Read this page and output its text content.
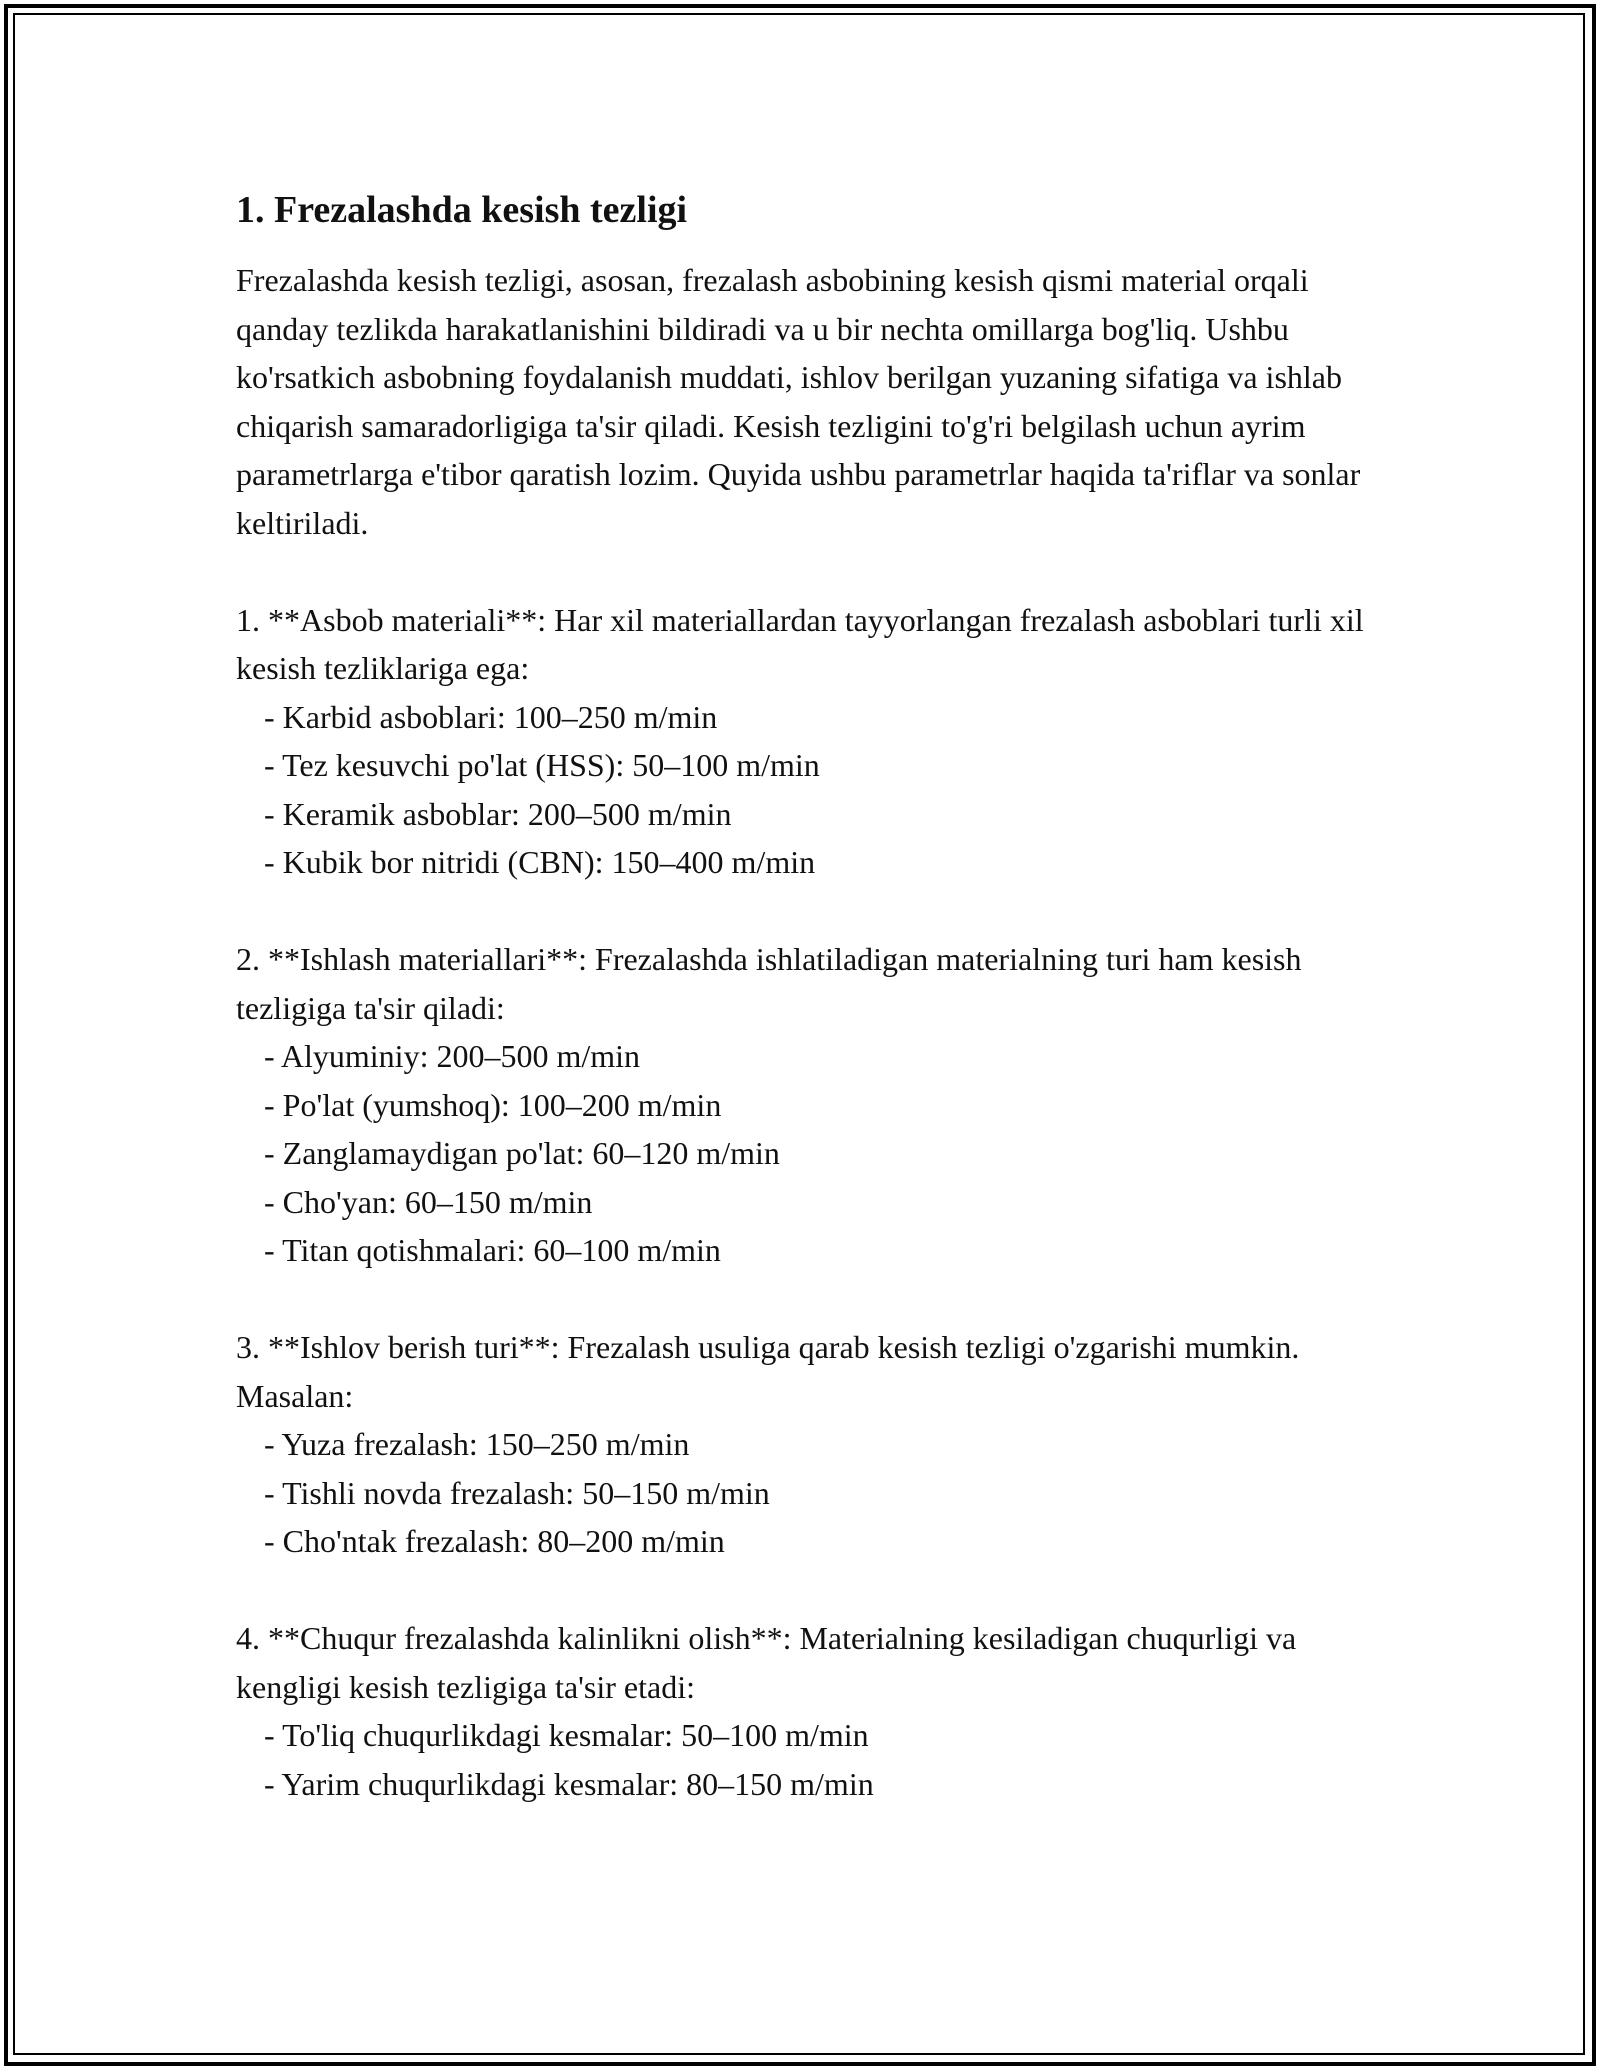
1. Frezalashda kesish tezligi

Frezalashda kesish tezligi, asosan, frezalash asbobining kesish qismi material orqali qanday tezlikda harakatlanishini bildiradi va u bir nechta omillarga bog'liq. Ushbu ko'rsatkich asbobning foydalanish muddati, ishlov berilgan yuzaning sifatiga va ishlab chiqarish samaradorligiga ta'sir qiladi. Kesish tezligini to'g'ri belgilash uchun ayrim parametrlarga e'tibor qaratish lozim. Quyida ushbu parametrlar haqida ta'riflar va sonlar keltiriladi.

1. **Asbob materiali**: Har xil materiallardan tayyorlangan frezalash asboblari turli xil kesish tezliklariga ega:

- Karbid asboblari: 100–250 m/min
- Tez kesuvchi po'lat (HSS): 50–100 m/min
- Keramik asboblar: 200–500 m/min
- Kubik bor nitridi (CBN): 150–400 m/min

2. **Ishlash materiallari**: Frezalashda ishlatiladigan materialning turi ham kesish tezligiga ta'sir qiladi:

- Alyuminiy: 200–500 m/min
- Po'lat (yumshoq): 100–200 m/min
- Zanglamaydigan po'lat: 60–120 m/min
- Cho'yan: 60–150 m/min
- Titan qotishmalari: 60–100 m/min

3. **Ishlov berish turi**: Frezalash usuliga qarab kesish tezligi o'zgarishi mumkin. Masalan:

- Yuza frezalash: 150–250 m/min
- Tishli novda frezalash: 50–150 m/min
- Cho'ntak frezalash: 80–200 m/min

4. **Chuqur frezalashda kalinlikni olish**: Materialning kesiladigan chuqurligi va kengligi kesish tezligiga ta'sir etadi:

- To'liq chuqurlikdagi kesmalar: 50–100 m/min
- Yarim chuqurlikdagi kesmalar: 80–150 m/min
